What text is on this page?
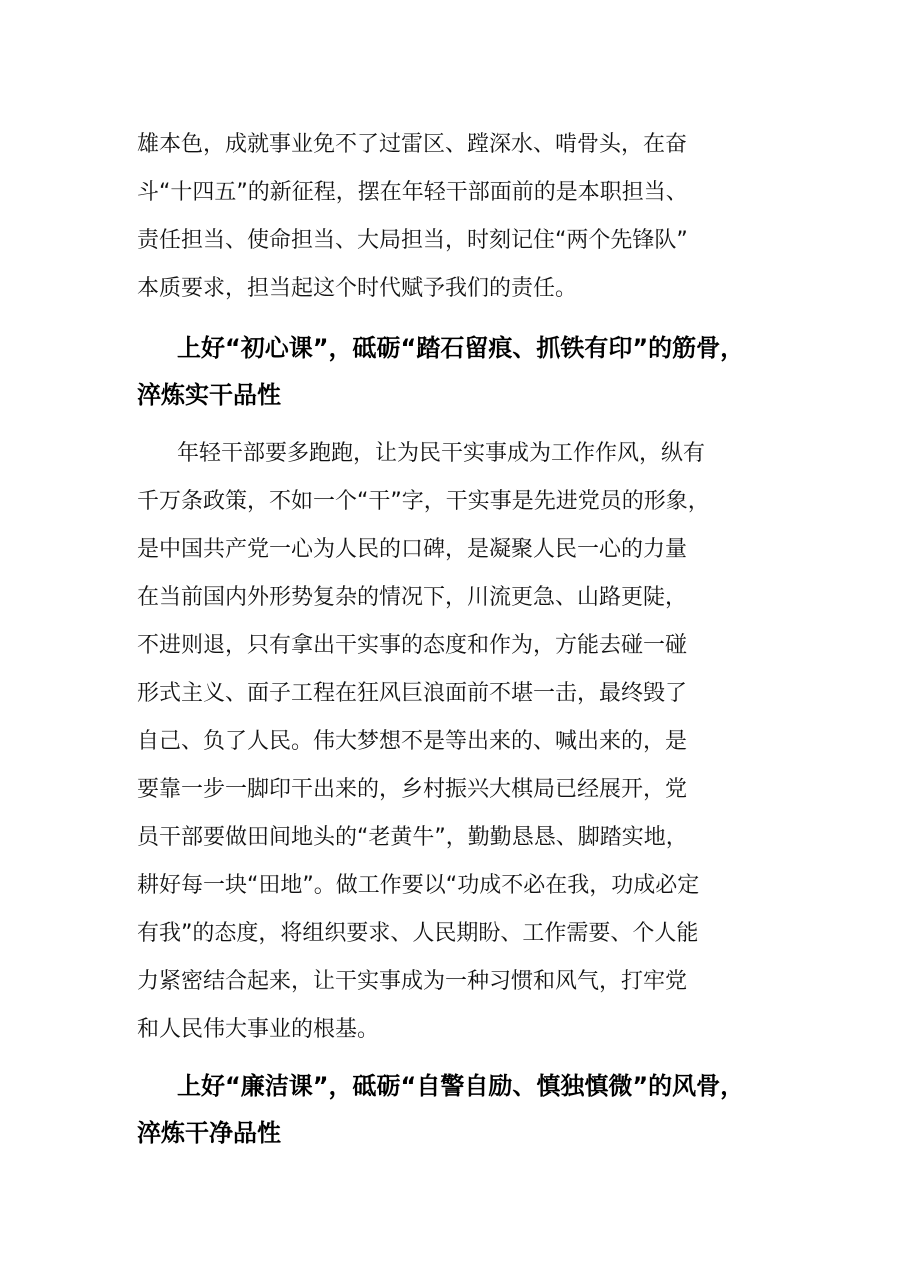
雄本色，成就事业免不了过雷区、蹚深水、啃骨头，在奋
斗“十四五”的新征程，摆在年轻干部面前的是本职担当、
责任担当、使命担当、大局担当，时刻记住“两个先锋队”
本质要求，担当起这个时代赋予我们的责任。
上好“初心课”，砥砺“踏石留痕、抓铁有印”的筋骨，
淬炼实干品性
年轻干部要多跑跑，让为民干实事成为工作作风，纵有
千万条政策，不如一个“干”字，干实事是先进党员的形象，
是中国共产党一心为人民的口碑，是凝聚人民一心的力量
在当前国内外形势复杂的情况下，川流更急、山路更陡，
不进则退，只有拿出干实事的态度和作为，方能去碰一碰
形式主义、面子工程在狂风巨浪面前不堪一击，最终毁了
自己、负了人民。伟大梦想不是等出来的、喊出来的，是
要靠一步一脚印干出来的，乡村振兴大棋局已经展开，党
员干部要做田间地头的“老黄牛”，勤勤恳恳、脚踏实地，
耕好每一块“田地”。做工作要以“功成不必在我，功成必定
有我”的态度，将组织要求、人民期盼、工作需要、个人能
力紧密结合起来，让干实事成为一种习惯和风气，打牢党
和人民伟大事业的根基。
上好“廉洁课”，砥砺“自警自励、慎独慎微”的风骨，
淬炼干净品性
